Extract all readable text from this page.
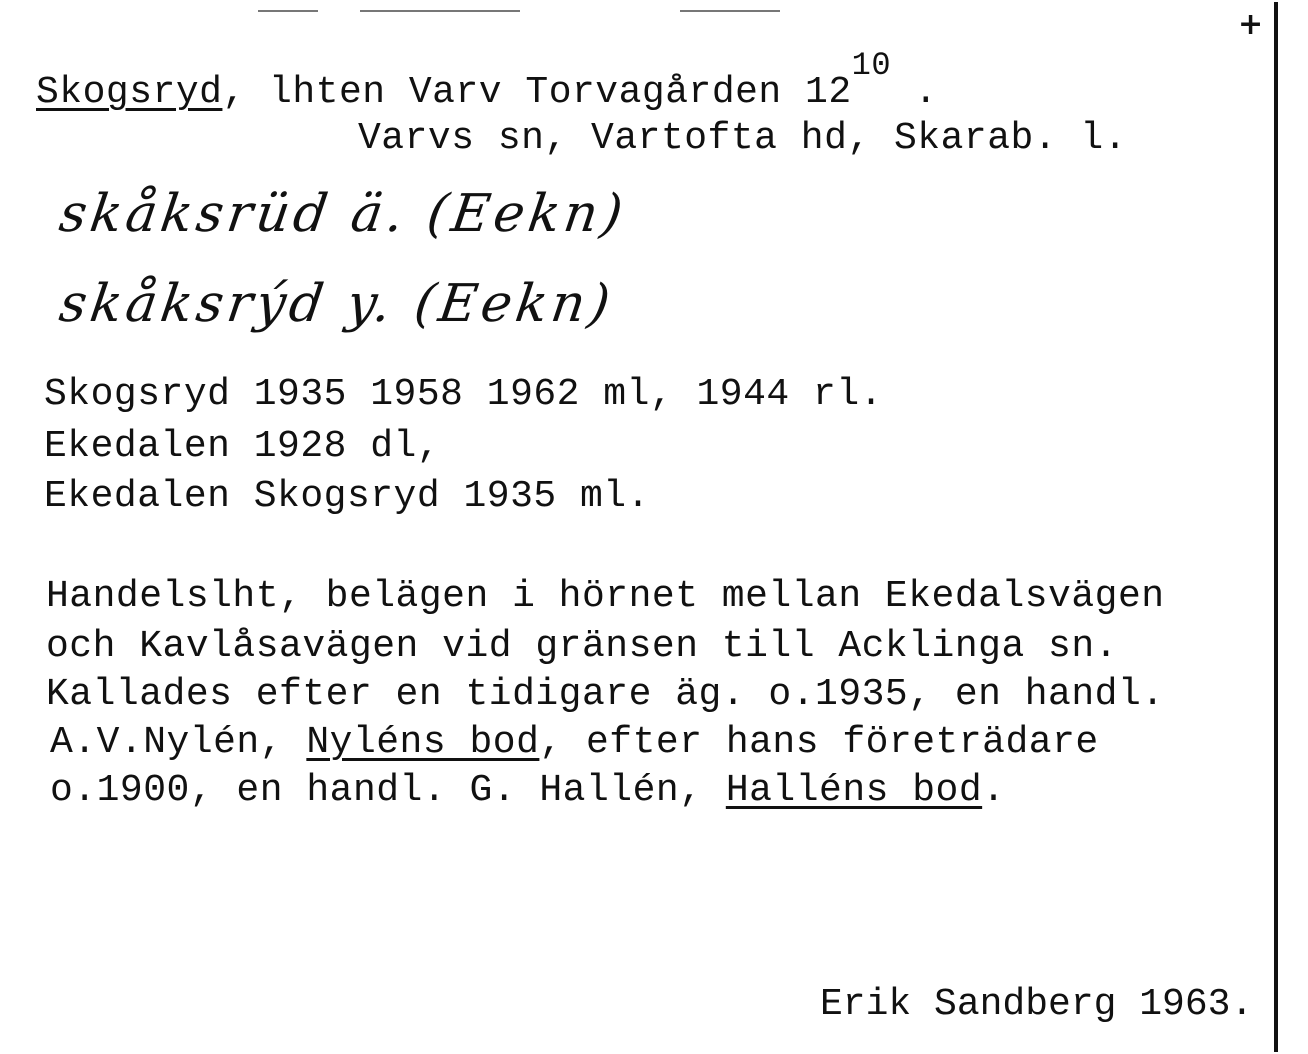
+
Skogsryd, lhten Varv Torvagården $12^{10}$ .
Varvs sn, Vartofta hd, Skarab. l.
skåksrüd ä. (Eekn)
skåksrýd y. (Eekn)
Skogsryd 1935 1958 1962 ml, 1944 rl.
Ekedalen 1928 dl,
Ekedalen Skogsryd 1935 ml.
Handelslht, belägen i hörnet mellan Ekedalsvägen
och Kavlåsavägen vid gränsen till Acklinga sn.
Kallades efter en tidigare äg. o.1935, en handl.
A.V.Nylén, Nyléns bod, efter hans företrädare
o.1900, en handl. G. Hallén, Halléns bod.
Erik Sandberg 1963.
